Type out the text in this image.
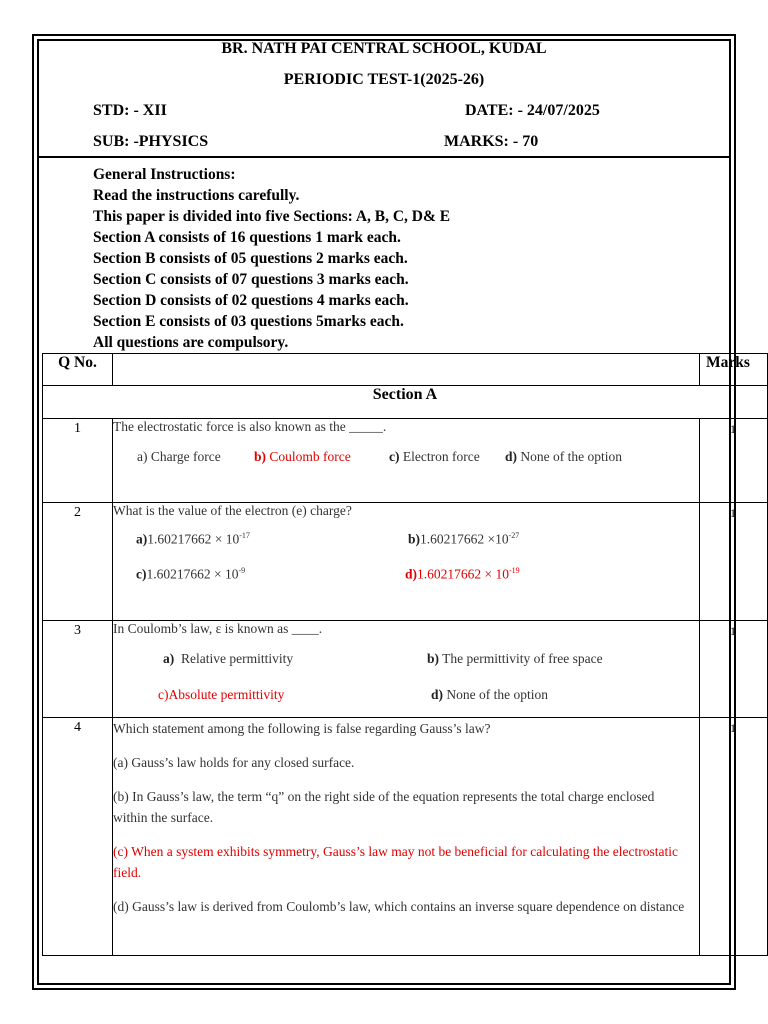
BR. NATH PAI CENTRAL SCHOOL, KUDAL
PERIODIC TEST-1(2025-26)
STD: - XII	DATE: - 24/07/2025
SUB: -PHYSICS	MARKS: - 70
General Instructions:
Read the instructions carefully.
This paper is divided into five Sections: A, B, C, D& E
Section A consists of 16 questions 1 mark each.
Section B consists of 05 questions 2 marks each.
Section C consists of 07 questions 3 marks each.
Section D consists of 02 questions 4 marks each.
Section E consists of 03 questions 5marks each.
All questions are compulsory.
Q No.		Marks
Section A		
1	The electrostatic force is also known as the _____.
a) Charge force b) Coulomb force c) Electron force d) None of the option	1
2	What is the value of the electron (e) charge?
$a)1.60217662 \times 10^{-17}$ $b)1.60217662 \times 10^{-27}$
$c)1.60217662 \times 10^{-9}$ $d)1.60217662 \times 10^{-19}$	1
3	In Coulomb’s law, ε is known as ____.
a) Relative permittivity b) The permittivity of free space
c)Absolute permittivity d) None of the option	1
4	Which statement among the following is false regarding Gauss’s law?

(a) Gauss’s law holds for any closed surface.

(b) In Gauss’s law, the term “q” on the right side of the equation represents the total charge enclosed within the surface.

(c) When a system exhibits symmetry, Gauss’s law may not be beneficial for calculating the electrostatic field.

(d) Gauss’s law is derived from Coulomb’s law, which contains an inverse square dependence on distance	1
